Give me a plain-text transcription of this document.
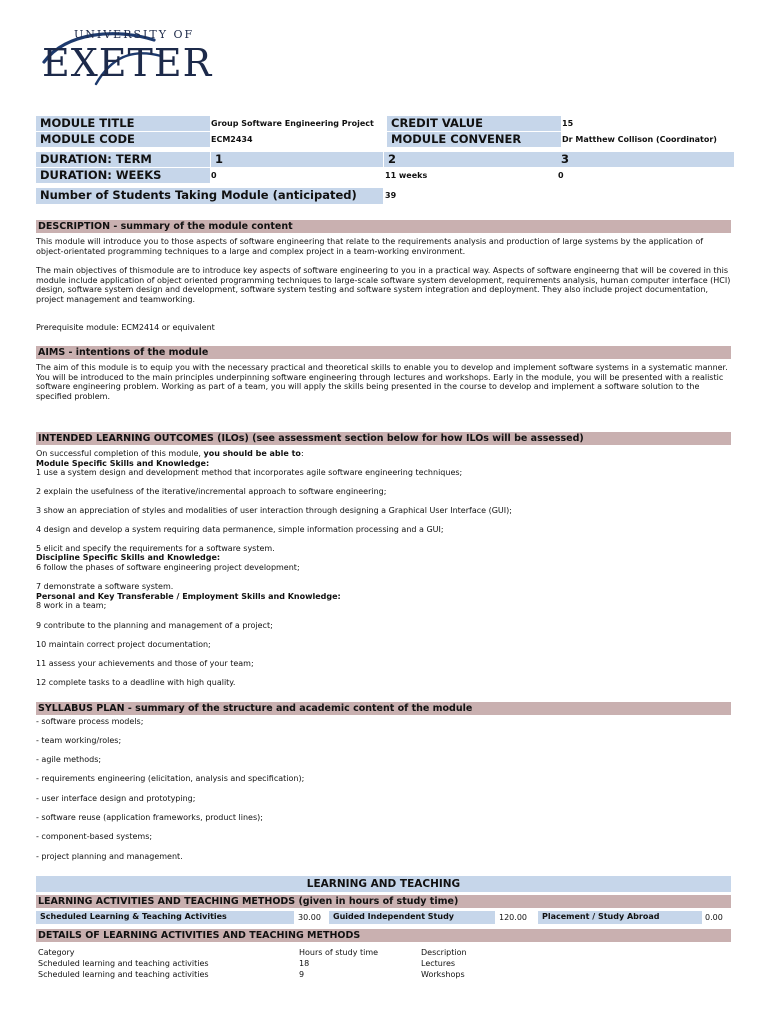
UNIVERSITY OF
EXETER
MODULE TITLE	Group Software Engineering Project	CREDIT VALUE	15
MODULE CODE	ECM2434	MODULE CONVENER	Dr Matthew Collison (Coordinator)
DURATION: TERM	1	2	3
DURATION: WEEKS	0	11 weeks	0
Number of Students Taking Module (anticipated)	39
DESCRIPTION - summary of the module content
This module will introduce you to those aspects of software engineering that relate to the requirements analysis and production of large systems by the application of object-orientated programming techniques to a large and complex project in a team-working environment.
The main objectives of thismodule are to introduce key aspects of software engineering to you in a practical way. Aspects of software engineerng that will be covered in this module include application of object oriented programming techniques to large-scale software system development, requirements analysis, human computer interface (HCI) design, software system design and development, software system testing and software system integration and deployment. They also include project documentation, project management and teamworking.
Prerequisite module: ECM2414 or equivalent
AIMS - intentions of the module
The aim of this module is to equip you with the necessary practical and theoretical skills to enable you to develop and implement software systems in a systematic manner. You will be introduced to the main principles underpinning software engineering through lectures and workshops. Early in the module, you will be presented with a realistic software engineering problem. Working as part of a team, you will apply the skills being presented in the course to develop and implement a software solution to the specified problem.
INTENDED LEARNING OUTCOMES (ILOs) (see assessment section below for how ILOs will be assessed)
On successful completion of this module, you should be able to:
Module Specific Skills and Knowledge:
1 use a system design and development method that incorporates agile software engineering techniques;
2 explain the usefulness of the iterative/incremental approach to software engineering;
3 show an appreciation of styles and modalities of user interaction through designing a Graphical User Interface (GUI);
4 design and develop a system requiring data permanence, simple information processing and a GUI;
5 elicit and specify the requirements for a software system.
Discipline Specific Skills and Knowledge:
6 follow the phases of software engineering project development;
7 demonstrate a software system.
Personal and Key Transferable / Employment Skills and Knowledge:
8 work in a team;
9 contribute to the planning and management of a project;
10 maintain correct project documentation;
11 assess your achievements and those of your team;
12 complete tasks to a deadline with high quality.
SYLLABUS PLAN - summary of the structure and academic content of the module
- software process models;
- team working/roles;
- agile methods;
- requirements engineering (elicitation, analysis and specification);
- user interface design and prototyping;
- software reuse (application frameworks, product lines);
- component-based systems;
- project planning and management.
LEARNING AND TEACHING
LEARNING ACTIVITIES AND TEACHING METHODS (given in hours of study time)
Scheduled Learning & Teaching Activities	30.00	Guided Independent Study	120.00	Placement / Study Abroad	0.00
DETAILS OF LEARNING ACTIVITIES AND TEACHING METHODS
Category	Hours of study time	Description
Scheduled learning and teaching activities	18	Lectures
Scheduled learning and teaching activities	9	Workshops
